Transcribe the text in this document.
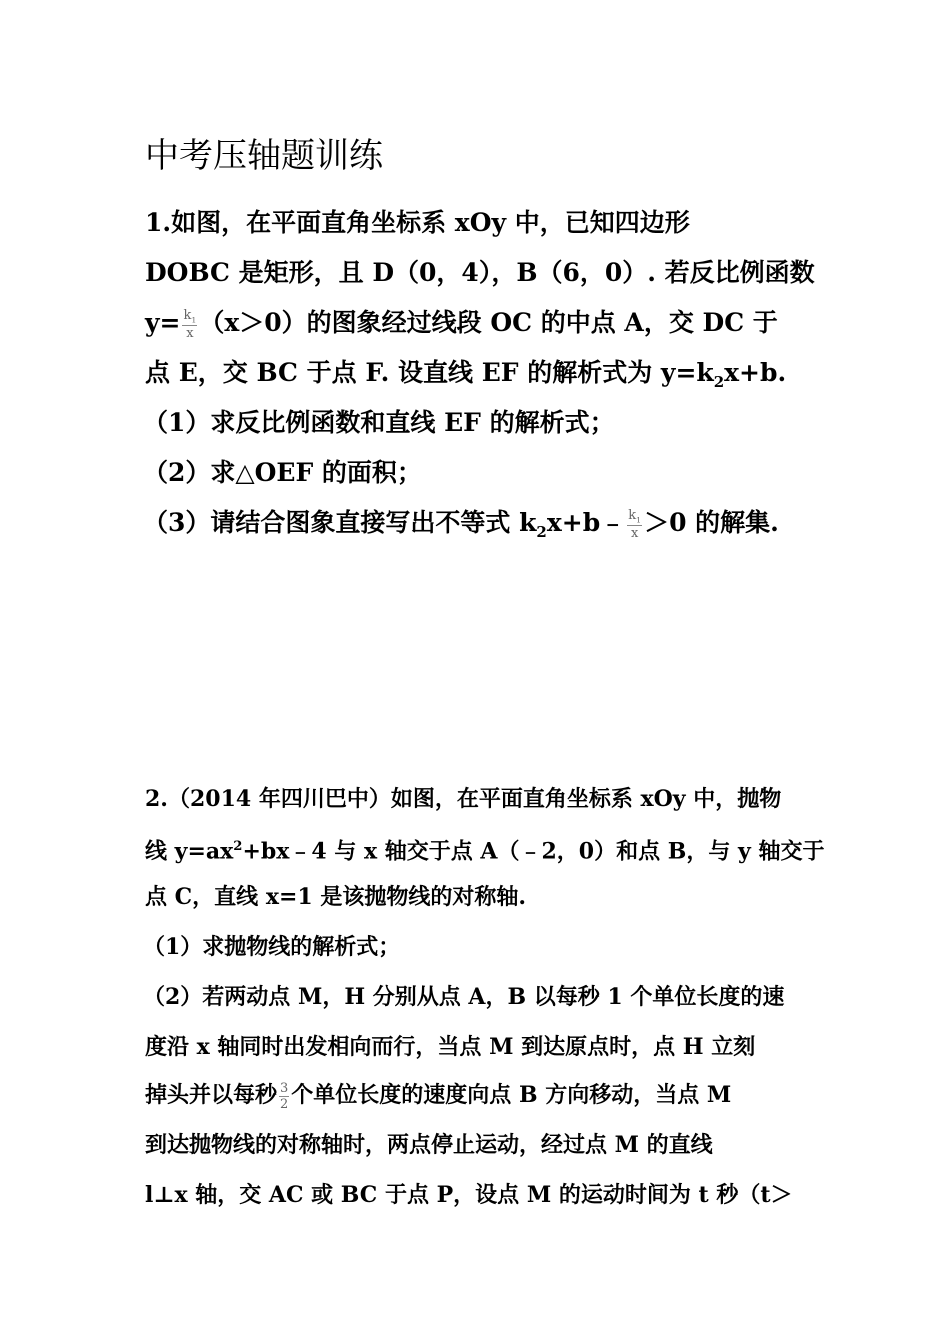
中考压轴题训练
1.如图，在平面直角坐标系 xOy 中，已知四边形
DOBC 是矩形，且 D（0，4），B（6，0）. 若反比例函数
$y= \frac{k_1}{x} (x>0)$的图象经过线段 OC 的中点 A，交 DC 于
点 E，交 BC 于点 F. 设直线 EF 的解析式为 $y=k_2x+b$.
（1）求反比例函数和直线 EF 的解析式；
（2）求△OEF 的面积；
（3）请结合图象直接写出不等式 $k_2x+b﹣ \frac{k_1}{x} >0$ 的解集.
2.（2014 年四川巴中）如图，在平面直角坐标系 xOy 中，抛物
线 $y=ax^2+bx﹣4$ 与 x 轴交于点 A（﹣2，0）和点 B，与 y 轴交于
点 C，直线 x=1 是该抛物线的对称轴.
（1）求抛物线的解析式；
（2）若两动点 M，H 分别从点 A，B 以每秒 1 个单位长度的速
度沿 x 轴同时出发相向而行，当点 M 到达原点时，点 H 立刻
掉头并以每秒 $\frac{3}{2}$ 个单位长度的速度向点 B 方向移动，当点 M
到达抛物线的对称轴时，两点停止运动，经过点 M 的直线
l⊥x 轴，交 AC 或 BC 于点 P，设点 M 的运动时间为 t 秒（t＞
